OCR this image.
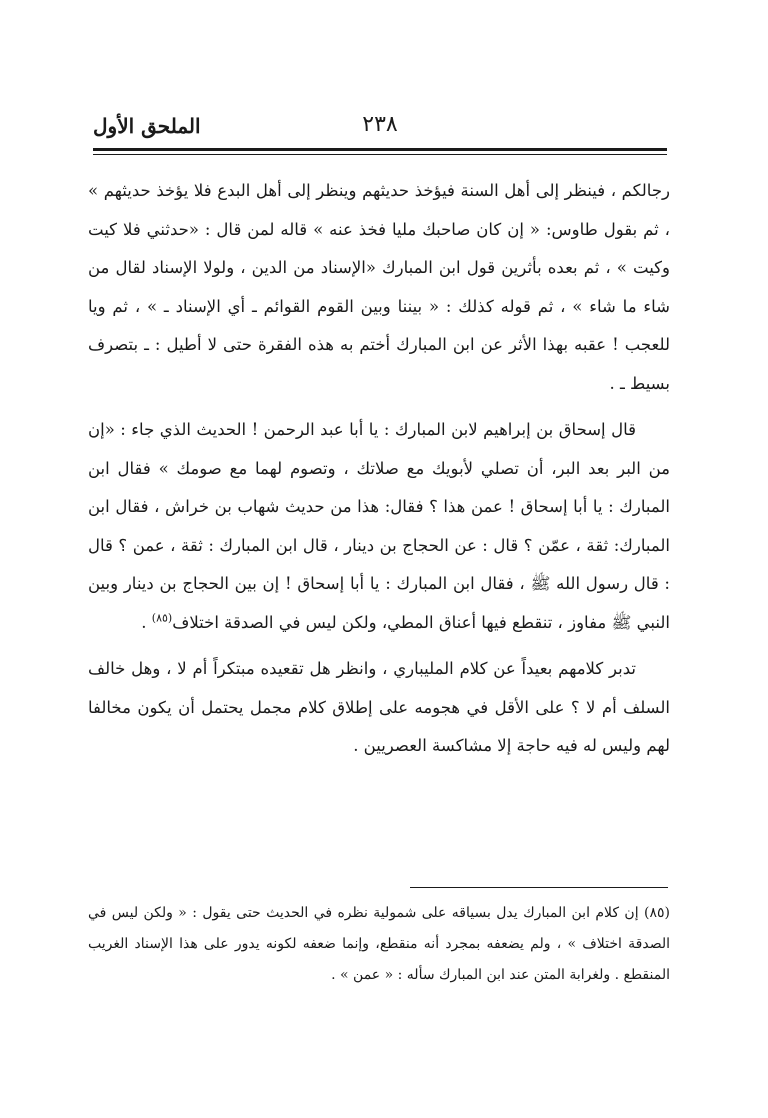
الملحق الأول	٢٣٨

رجالكم ، فينظر إلى أهل السنة فيؤخذ حديثهم وينظر إلى أهل البدع فلا يؤخذ حديثهم » ، ثم بقول طاوس: « إن كان صاحبك مليا فخذ عنه » قاله لمن قال : «حدثني فلا كيت وكيت » ، ثم بعده بأثرين قول ابن المبارك «الإسناد من الدين ، ولولا الإسناد لقال من شاء ما شاء » ، ثم قوله كذلك : « بيننا وبين القوم القوائم ـ أي الإسناد ـ » ، ثم ويا للعجب ! عقبه بهذا الأثر عن ابن المبارك أختم به هذه الفقرة حتى لا أطيل : ـ بتصرف بسيط ـ .

قال إسحاق بن إبراهيم لابن المبارك : يا أبا عبد الرحمن ! الحديث الذي جاء : «إن من البر بعد البر، أن تصلي لأبويك مع صلاتك ، وتصوم لهما مع صومك » فقال ابن المبارك : يا أبا إسحاق ! عمن هذا ؟ فقال: هذا من حديث شهاب بن خراش ، فقال ابن المبارك: ثقة ، عمّن ؟ قال : عن الحجاج بن دينار ، قال ابن المبارك : ثقة ، عمن ؟ قال : قال رسول الله ﷺ ، فقال ابن المبارك : يا أبا إسحاق ! إن بين الحجاج بن دينار وبين النبي ﷺ مفاوز ، تنقطع فيها أعناق المطي، ولكن ليس في الصدقة اختلاف$^{(٨٥)}$ .

تدبر كلامهم بعيداً عن كلام المليباري ، وانظر هل تقعيده مبتكراً أم لا ، وهل خالف السلف أم لا ؟ على الأقل في هجومه على إطلاق كلام مجمل يحتمل أن يكون مخالفا لهم وليس له فيه حاجة إلا مشاكسة العصريين .

(٨٥) إن كلام ابن المبارك يدل بسياقه على شمولية نظره في الحديث حتى يقول : « ولكن ليس في الصدقة اختلاف » ، ولم يضعفه بمجرد أنه منقطع، وإنما ضعفه لكونه يدور على هذا الإسناد الغريب المنقطع . ولغرابة المتن عند ابن المبارك سأله : « عمن » .
